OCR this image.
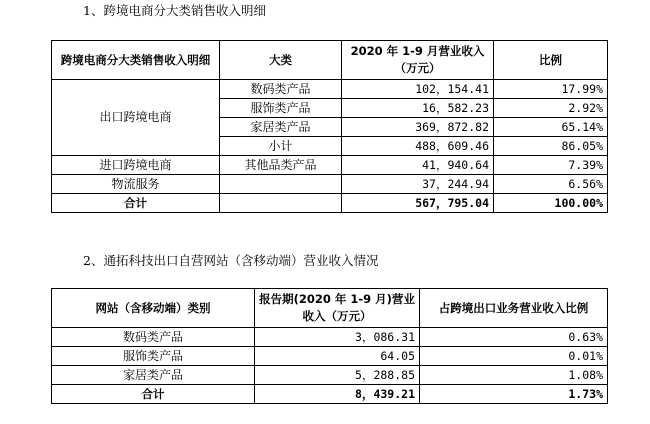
1、跨境电商分大类销售收入明细
跨境电商分大类销售收入明细	大类	2020 年 1-9 月营业收入（万元）	比例
出口跨境电商	数码类产品	102，154.41	17.99%
	服饰类产品	16，582.23	2.92%
	家居类产品	369，872.82	65.14%
	小计	488，609.46	86.05%
进口跨境电商	其他品类产品	41，940.64	7.39%
物流服务		37，244.94	6.56%
合计		567，795.04	100.00%
2、通拓科技出口自营网站（含移动端）营业收入情况
网站（含移动端）类别	报告期(2020 年 1-9 月)营业收入（万元）	占跨境出口业务营业收入比例
数码类产品	3，086.31	0.63%
服饰类产品	64.05	0.01%
家居类产品	5，288.85	1.08%
合计	8，439.21	1.73%
